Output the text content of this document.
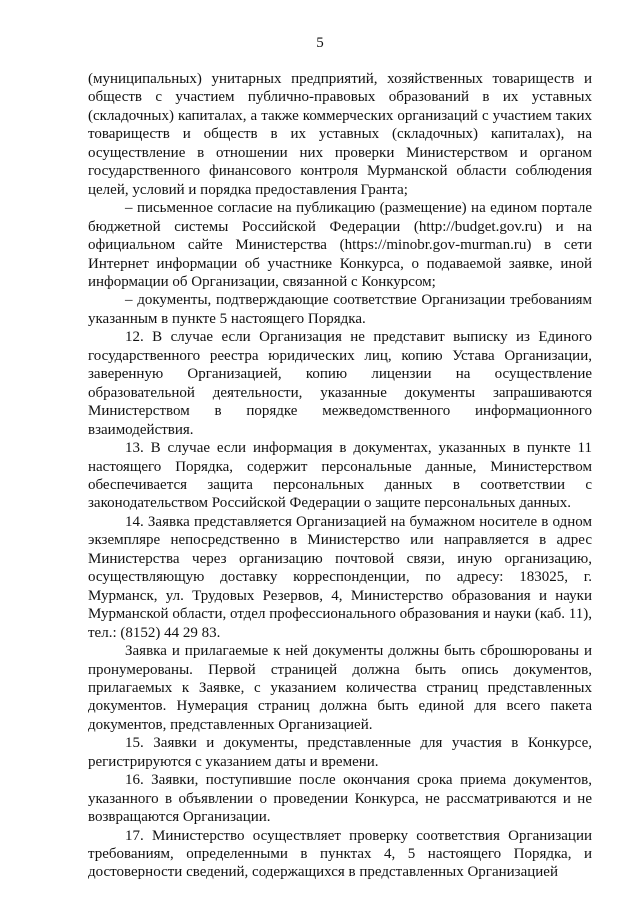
5

(муниципальных) унитарных предприятий, хозяйственных товариществ и обществ с участием публично-правовых образований в их уставных (складочных) капиталах, а также коммерческих организаций с участием таких товариществ и обществ в их уставных (складочных) капиталах), на осуществление в отношении них проверки Министерством и органом государственного финансового контроля Мурманской области соблюдения целей, условий и порядка предоставления Гранта;

– письменное согласие на публикацию (размещение) на едином портале бюджетной системы Российской Федерации (http://budget.gov.ru) и на официальном сайте Министерства (https://minobr.gov-murman.ru) в сети Интернет информации об участнике Конкурса, о подаваемой заявке, иной информации об Организации, связанной с Конкурсом;

– документы, подтверждающие соответствие Организации требованиям указанным в пункте 5 настоящего Порядка.

12. В случае если Организация не представит выписку из Единого государственного реестра юридических лиц, копию Устава Организации, заверенную Организацией, копию лицензии на осуществление образовательной деятельности, указанные документы запрашиваются Министерством в порядке межведомственного информационного взаимодействия.

13. В случае если информация в документах, указанных в пункте 11 настоящего Порядка, содержит персональные данные, Министерством обеспечивается защита персональных данных в соответствии с законодательством Российской Федерации о защите персональных данных.

14. Заявка представляется Организацией на бумажном носителе в одном экземпляре непосредственно в Министерство или направляется в адрес Министерства через организацию почтовой связи, иную организацию, осуществляющую доставку корреспонденции, по адресу: 183025, г. Мурманск, ул. Трудовых Резервов, 4, Министерство образования и науки Мурманской области, отдел профессионального образования и науки (каб. 11), тел.: (8152) 44 29 83.

Заявка и прилагаемые к ней документы должны быть сброшюрованы и пронумерованы. Первой страницей должна быть опись документов, прилагаемых к Заявке, с указанием количества страниц представленных документов. Нумерация страниц должна быть единой для всего пакета документов, представленных Организацией.

15. Заявки и документы, представленные для участия в Конкурсе, регистрируются с указанием даты и времени.

16. Заявки, поступившие после окончания срока приема документов, указанного в объявлении о проведении Конкурса, не рассматриваются и не возвращаются Организации.

17. Министерство осуществляет проверку соответствия Организации требованиям, определенными в пунктах 4, 5 настоящего Порядка, и достоверности сведений, содержащихся в представленных Организацией
